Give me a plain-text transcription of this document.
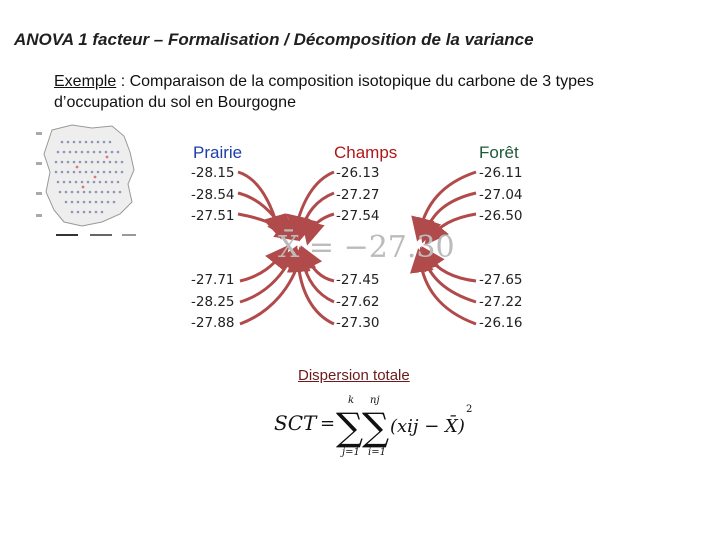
ANOVA 1 facteur – Formalisation / Décomposition de la variance
Exemple : Comparaison de la composition isotopique du carbone de 3 types d’occupation du sol en Bourgogne
Prairie	Champs	Forêt
-28.15
-28.54
-27.51
-26.13
-27.27
-27.54
-26.11
-27.04
-26.50
X̄ = −27.30
-27.71
-28.25
-27.88
-27.45
-27.62
-27.30
-27.65
-27.22
-26.16
Dispersion totale
SCT =
k
∑
j=1
nj
∑
i=1
(xij − X̄)
2
